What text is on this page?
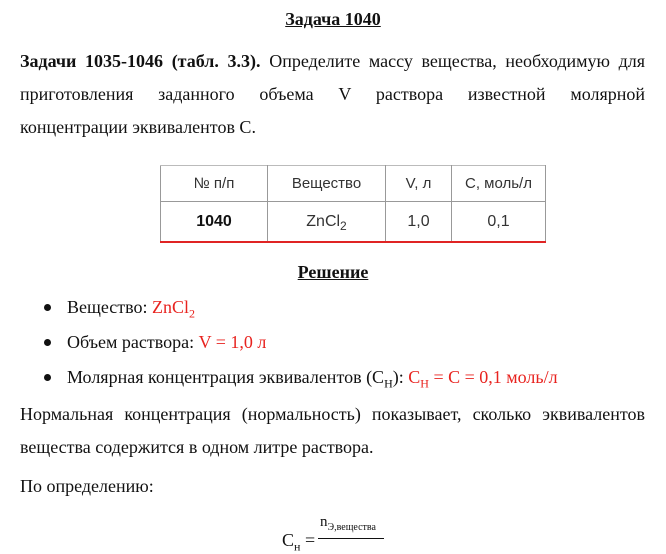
Задача 1040
Задачи 1035-1046 (табл. 3.3). Определите массу вещества, необходимую для
приготовления заданного объема V раствора известной молярной
концентрации эквивалентов С.
№ п/п	Вещество	V, л	C, моль/л
1040	ZnCl$_2$	1,0	0,1
Решение
Вещество: ZnCl$_2$
Объем раствора: V = 1,0 л
Молярная концентрация эквивалентов $(C_Н)$: $C_Н = C = 0,1$ моль/л
Нормальная концентрация (нормальность) показывает, сколько эквивалентов
вещества содержится в одном литре раствора.
По определению:
$C_н$ =
$n_{Э,вещества}$
